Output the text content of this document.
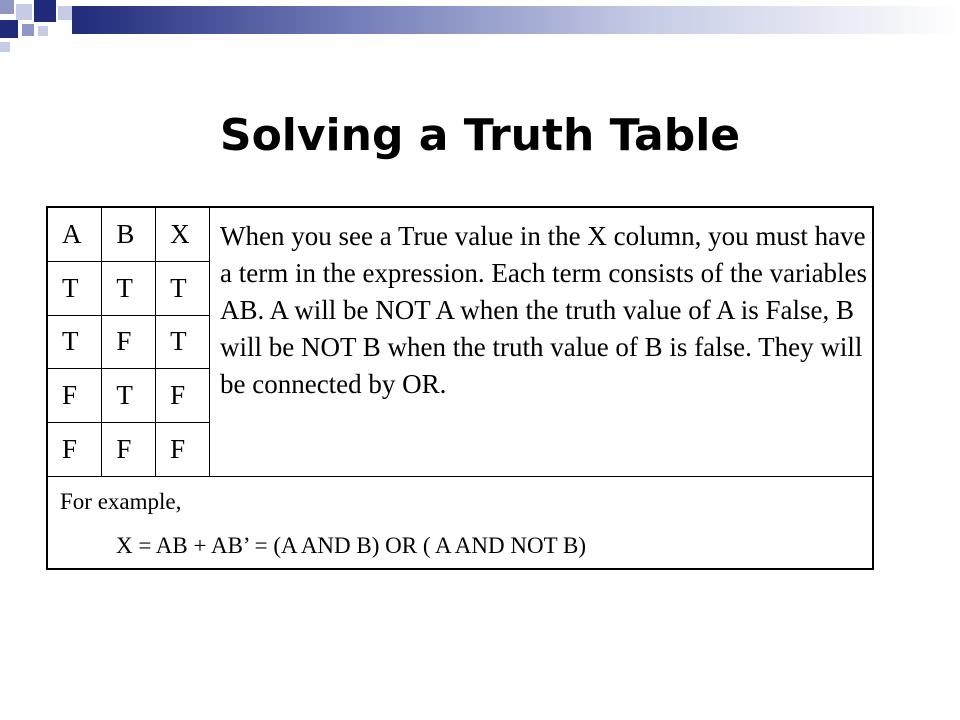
Solving a Truth Table
A	B	X
T	T	T
T	F	T
F	T	F
F	F	F
When you see a True value in the X column, you must have a term in the expression. Each term consists of the variables AB. A will be NOT A when the truth value of A is False, B will be NOT B when the truth value of B is false. They will be connected by OR.
For example,
X = AB + AB’ = (A AND B) OR ( A AND NOT B)
